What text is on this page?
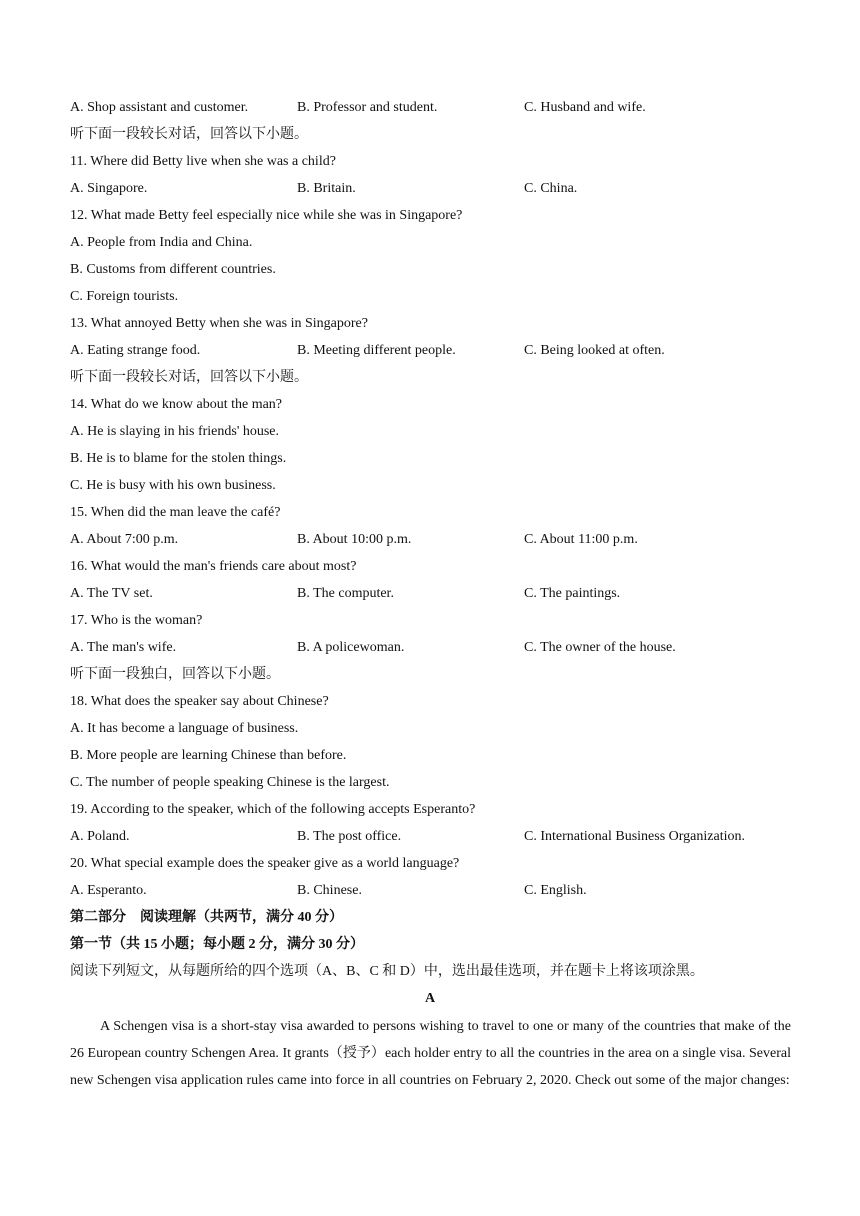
A. Shop assistant and customer.	B. Professor and student.	C. Husband and wife.
听下面一段较长对话，回答以下小题。
11. Where did Betty live when she was a child?
A. Singapore.	B. Britain.	C. China.
12. What made Betty feel especially nice while she was in Singapore?
A. People from India and China.
B. Customs from different countries.
C. Foreign tourists.
13. What annoyed Betty when she was in Singapore?
A. Eating strange food.	B. Meeting different people.	C. Being looked at often.
听下面一段较长对话，回答以下小题。
14. What do we know about the man?
A. He is slaying in his friends' house.
B. He is to blame for the stolen things.
C. He is busy with his own business.
15. When did the man leave the café?
A. About 7:00 p.m.	B. About 10:00 p.m.	C. About 11:00 p.m.
16. What would the man's friends care about most?
A. The TV set.	B. The computer.	C. The paintings.
17. Who is the woman?
A. The man's wife.	B. A policewoman.	C. The owner of the house.
听下面一段独白，回答以下小题。
18. What does the speaker say about Chinese?
A. It has become a language of business.
B. More people are learning Chinese than before.
C. The number of people speaking Chinese is the largest.
19. According to the speaker, which of the following accepts Esperanto?
A. Poland.	B. The post office.	C. International Business Organization.
20. What special example does the speaker give as a world language?
A. Esperanto.	B. Chinese.	C. English.
第二部分　阅读理解（共两节，满分 40 分）
第一节（共 15 小题；每小题 2 分，满分 30 分）
阅读下列短文，从每题所给的四个选项（A、B、C 和 D）中，选出最佳选项，并在题卡上将该项涂黑。
A
A Schengen visa is a short-stay visa awarded to persons wishing to travel to one or many of the countries that make of the 26 European country Schengen Area. It grants（授予）each holder entry to all the countries in the area on a single visa. Several new Schengen visa application rules came into force in all countries on February 2, 2020. Check out some of the major changes:
